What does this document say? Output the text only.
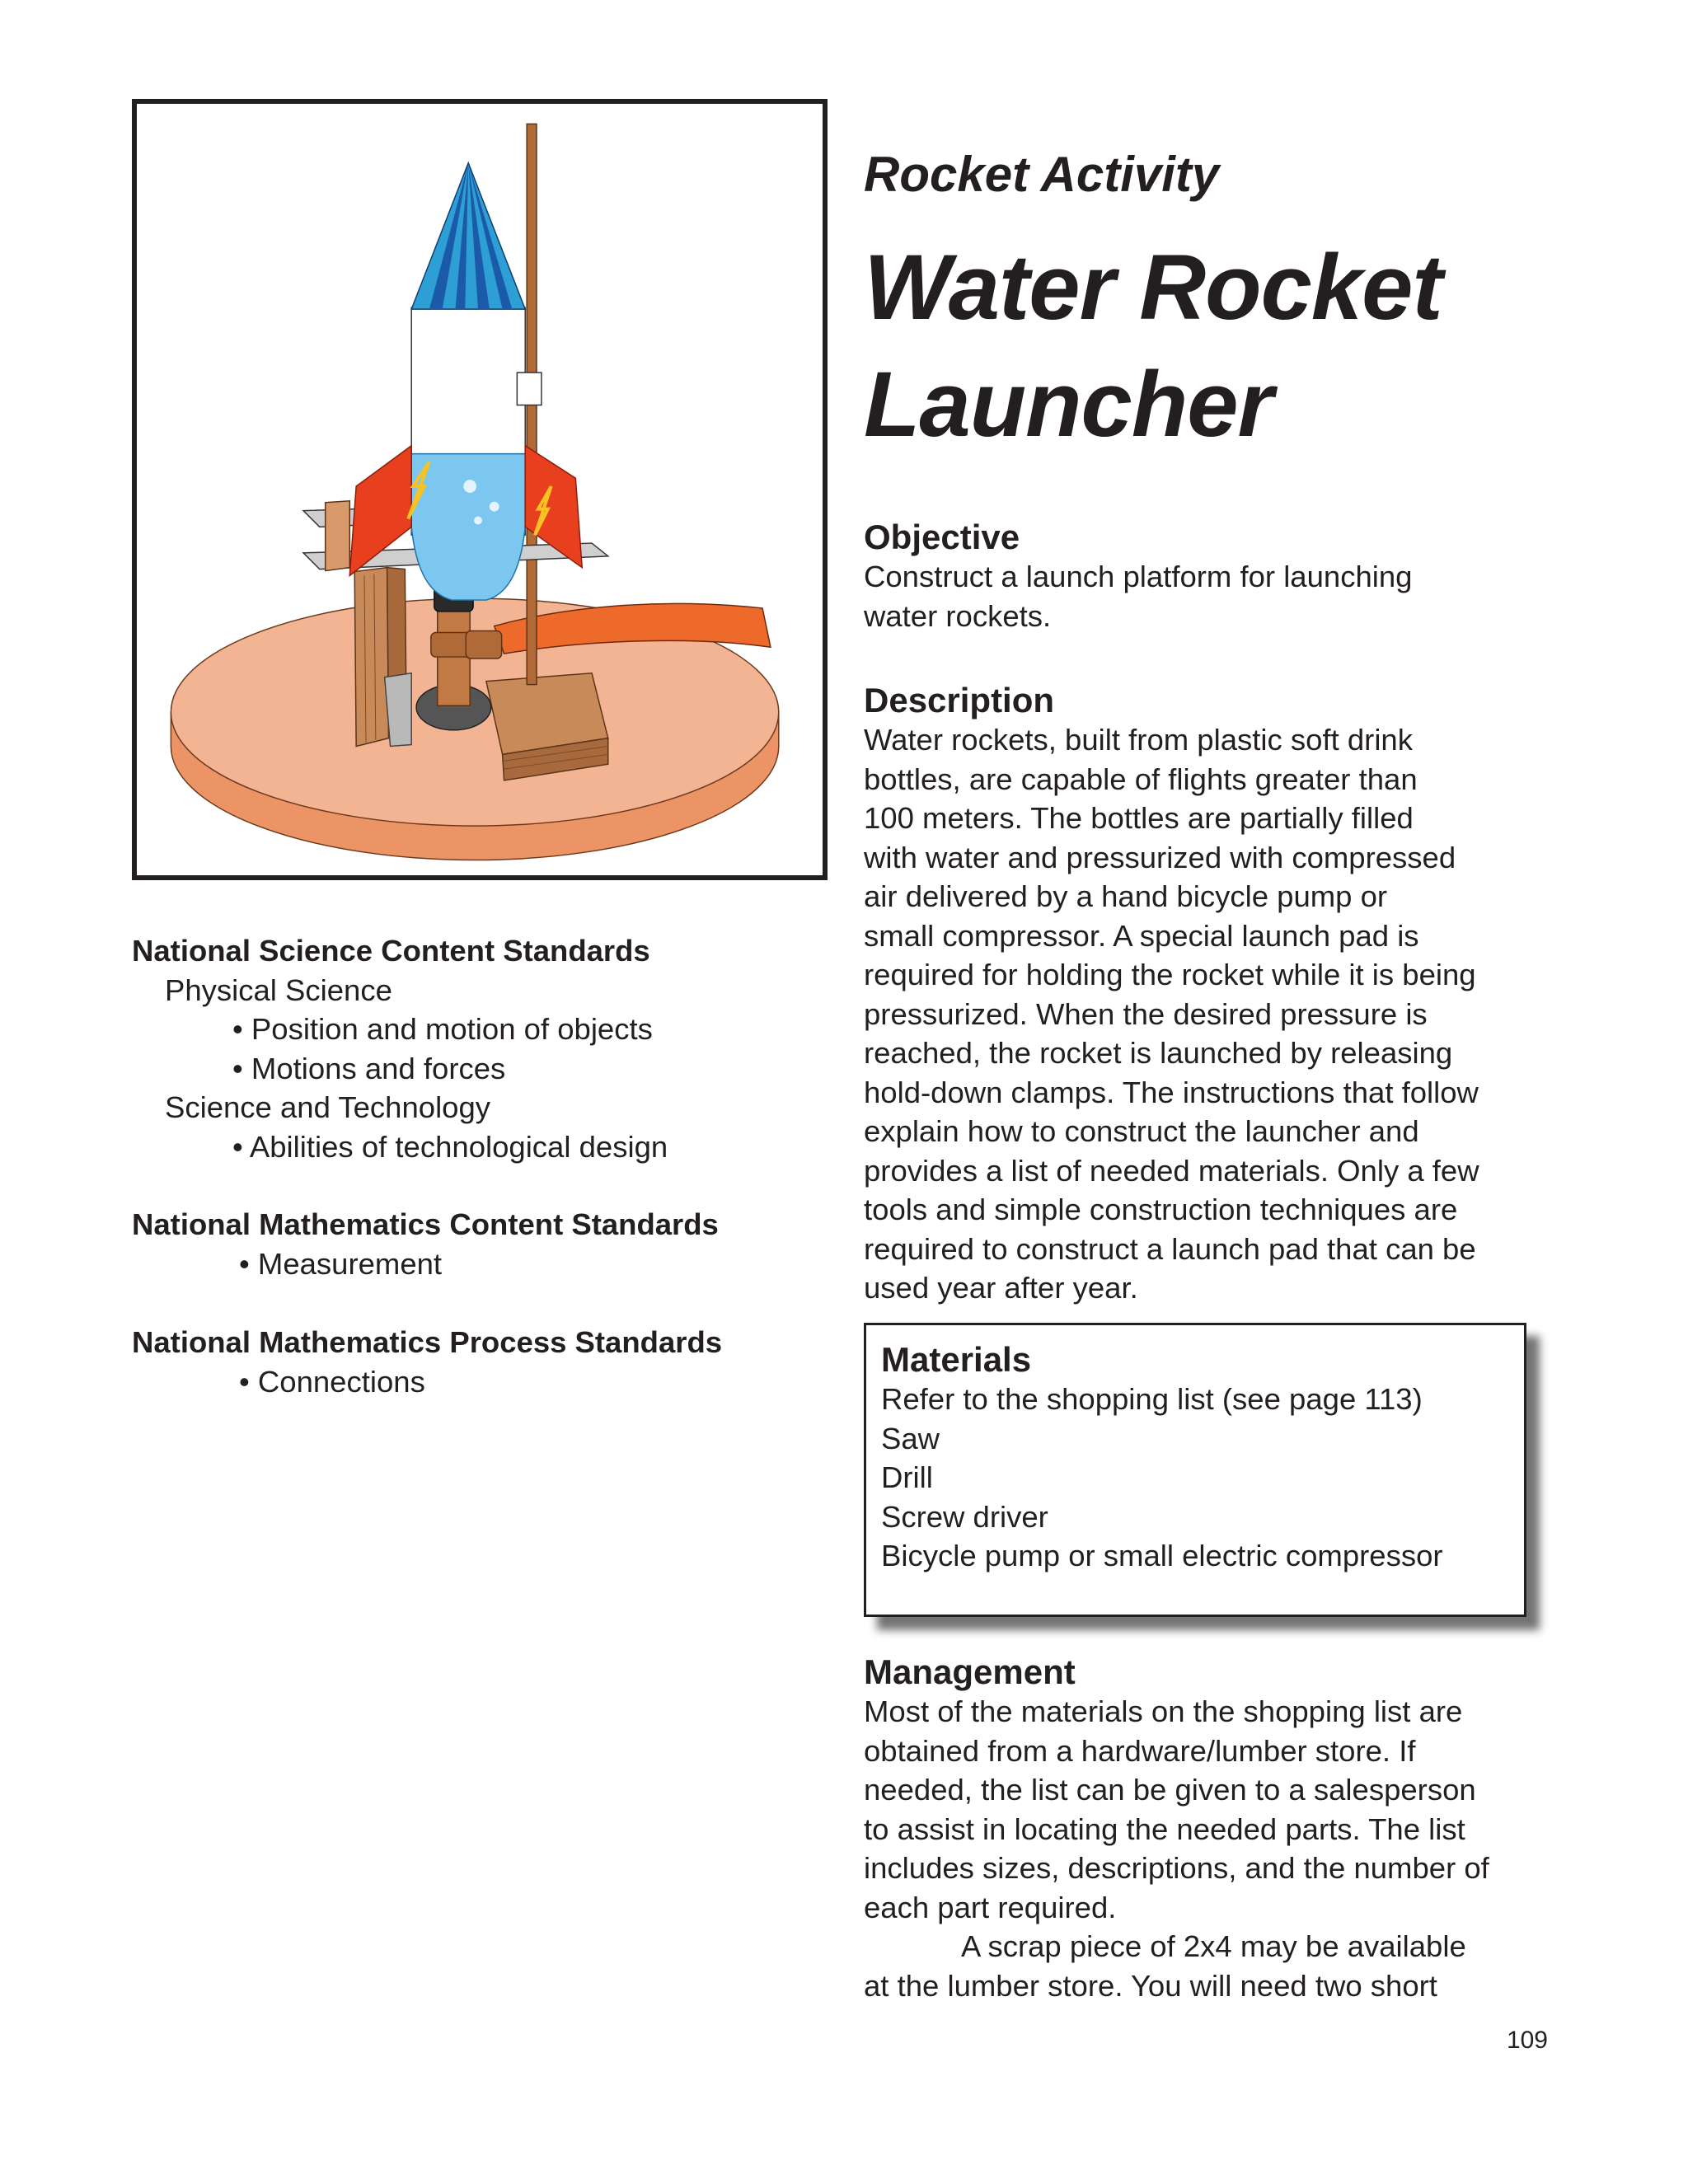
Rocket Activity

Water Rocket
Launcher
Objective

Construct a launch platform for launching
water rockets.

Description

Water rockets, built from plastic soft drink
bottles, are capable of flights greater than
100 meters. The bottles are partially filled
with water and pressurized with compressed
air delivered by a hand bicycle pump or
small compressor. A special launch pad is
required for holding the rocket while it is being
pressurized. When the desired pressure is
reached, the rocket is launched by releasing
hold-down clamps. The instructions that follow
explain how to construct the launcher and
provides a list of needed materials. Only a few
tools and simple construction techniques are
required to construct a launch pad that can be
used year after year.

Materials
Refer to the shopping list (see page 113)
Saw
Drill
Screw driver
Bicycle pump or small electric compressor
Management

Most of the materials on the shopping list are
obtained from a hardware/lumber store. If
needed, the list can be given to a salesperson
to assist in locating the needed parts. The list
includes sizes, descriptions, and the number of
each part required.
A scrap piece of 2x4 may be available
at the lumber store. You will need two short

National Science Content Standards

Physical Science

• Position and motion of objects

• Motions and forces

Science and Technology

• Abilities of technological design

National Mathematics Content Standards

• Measurement

National Mathematics Process Standards

• Connections

109
